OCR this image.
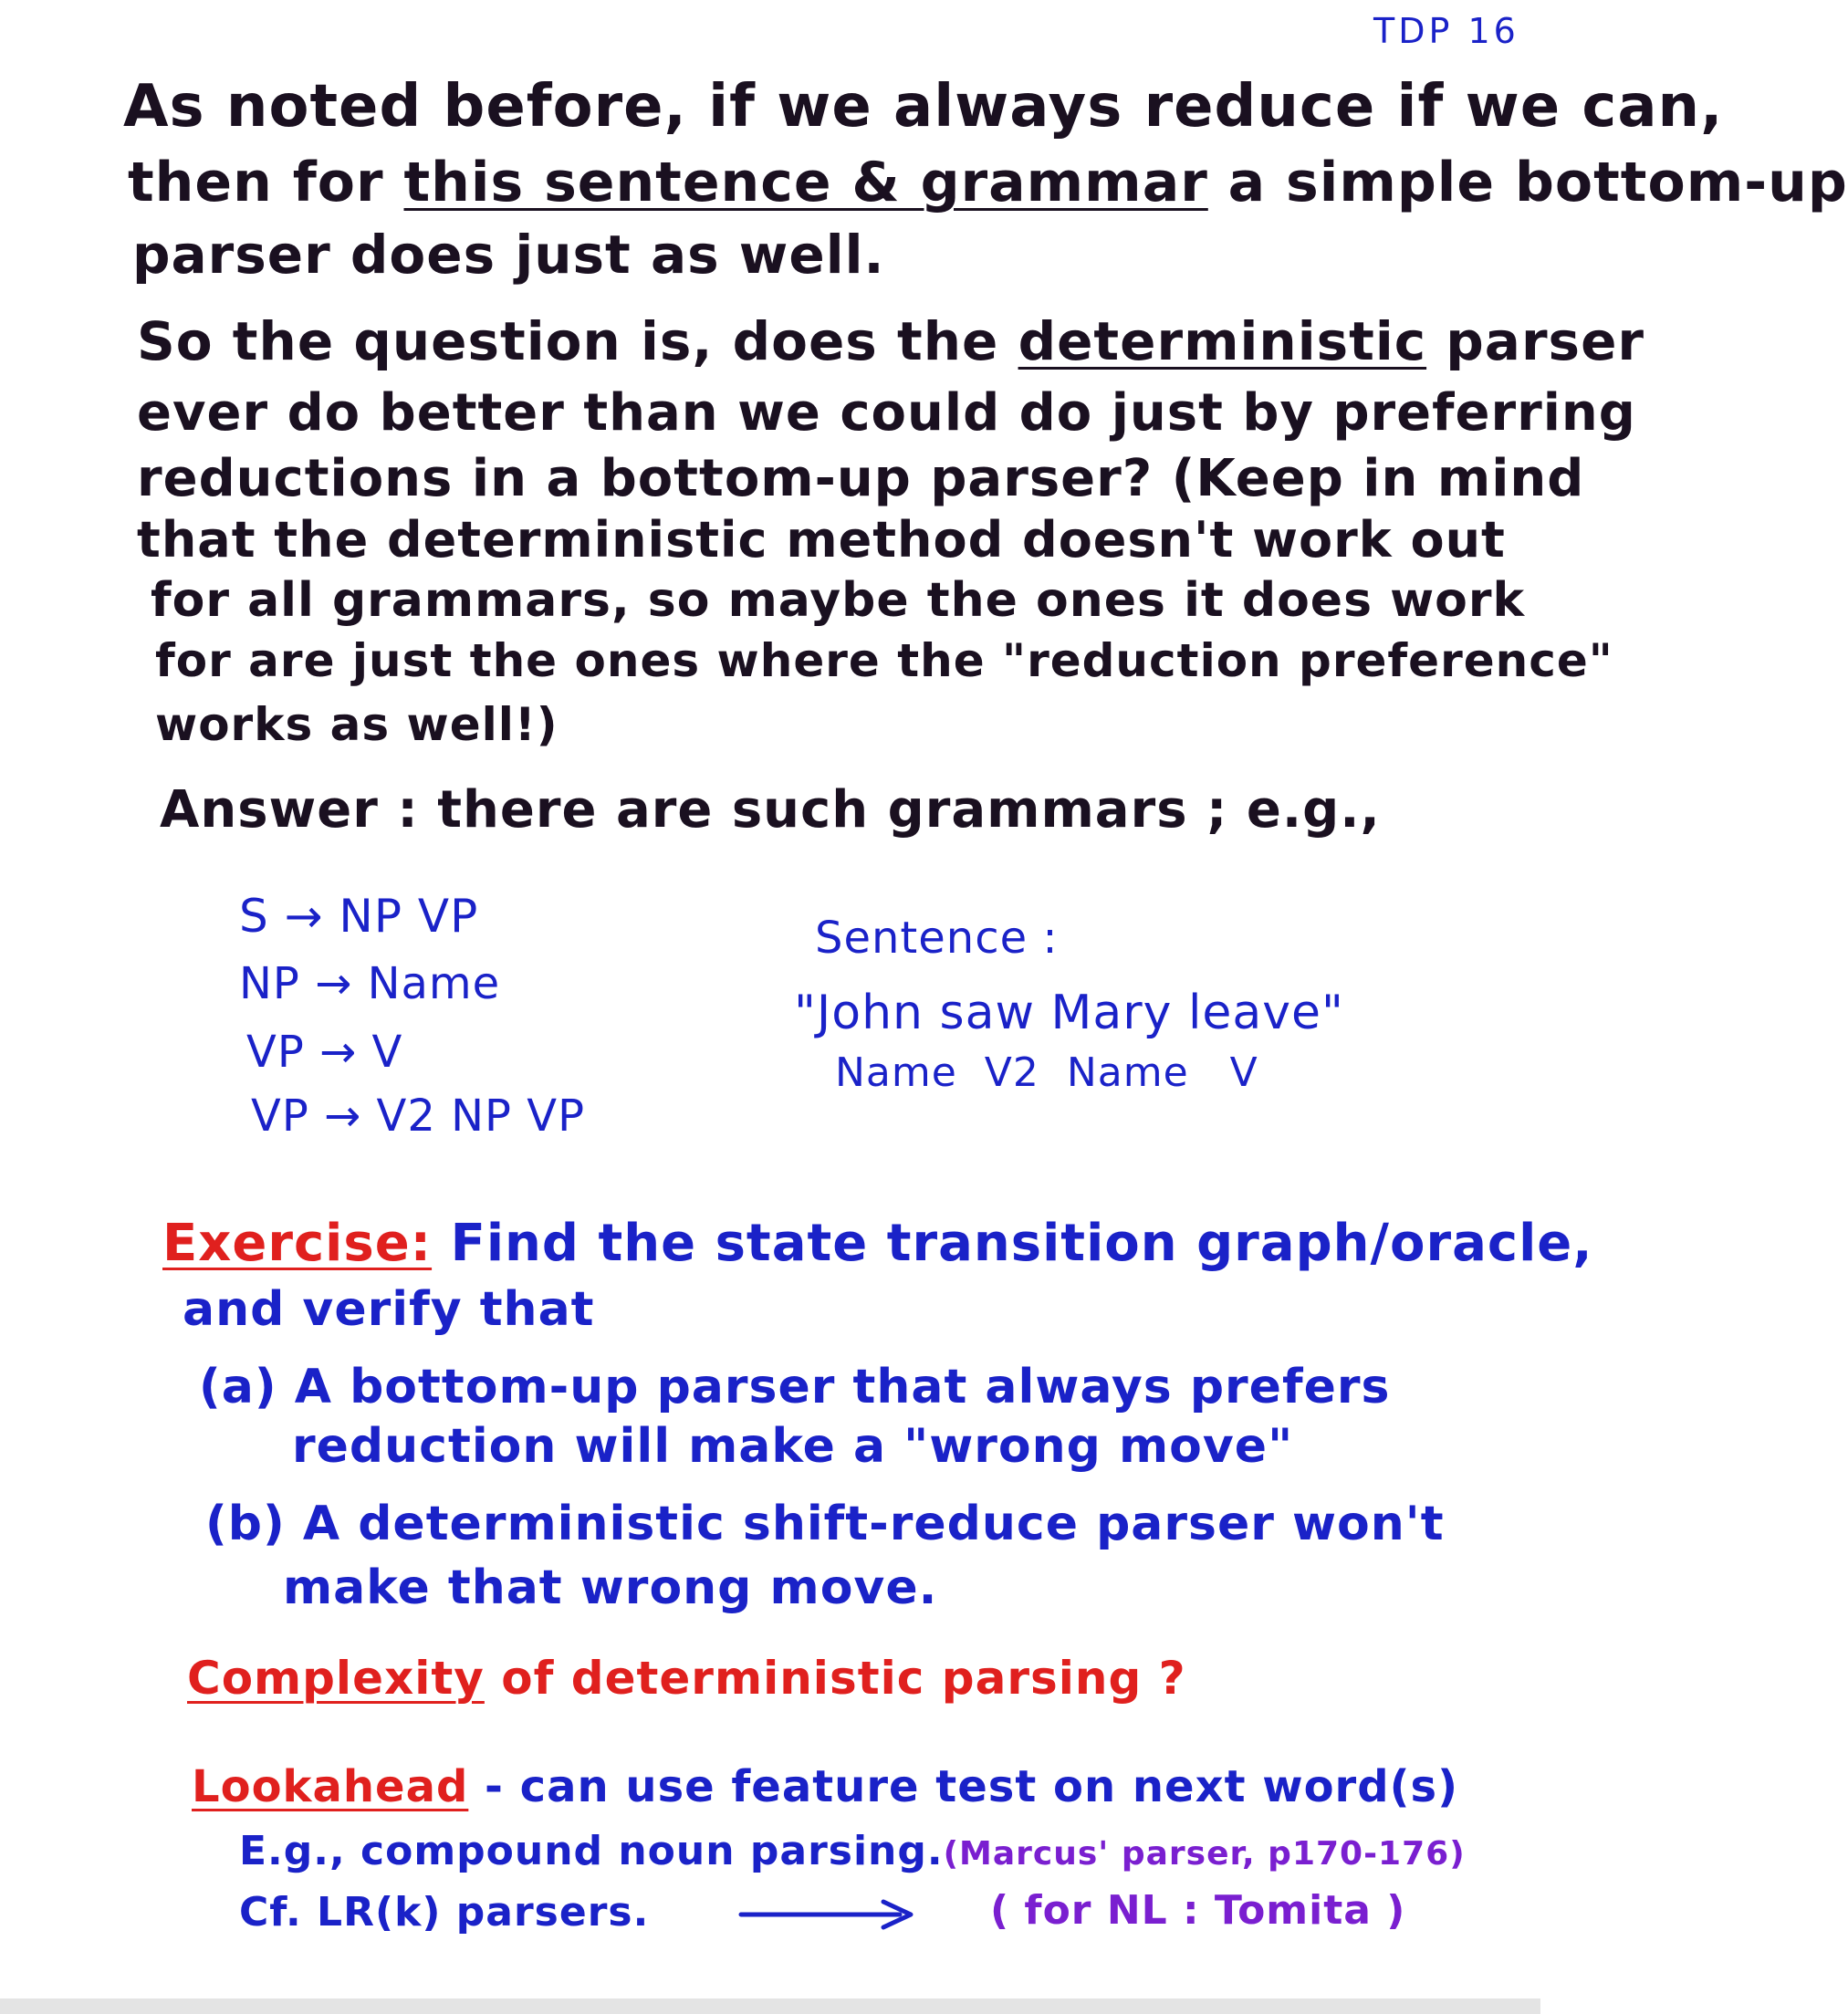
TDP 16
As noted before, if we always reduce if we can,
then for this sentence & grammar a simple bottom-up
parser does just as well.
So the question is, does the deterministic parser
ever do better than we could do just by preferring
reductions in a bottom-up parser? (Keep in mind
that the deterministic method doesn't work out
for all grammars, so maybe the ones it does work
for are just the ones where the "reduction preference"
works as well!)
Answer : there are such grammars ; e.g.,
S → NP VP
NP → Name
VP → V
VP → V2 NP VP
Sentence :
"John saw Mary leave"
Name  V2  Name   V
Exercise: Find the state transition graph/oracle,
and verify that
(a) A bottom-up parser that always prefers
reduction will make a "wrong move"
(b) A deterministic shift-reduce parser won't
make that wrong move.
Complexity of deterministic parsing ?
Lookahead - can use feature test on next word(s)
E.g., compound noun parsing.(Marcus' parser, p170-176)
Cf. LR(k) parsers.	( for NL : Tomita )
